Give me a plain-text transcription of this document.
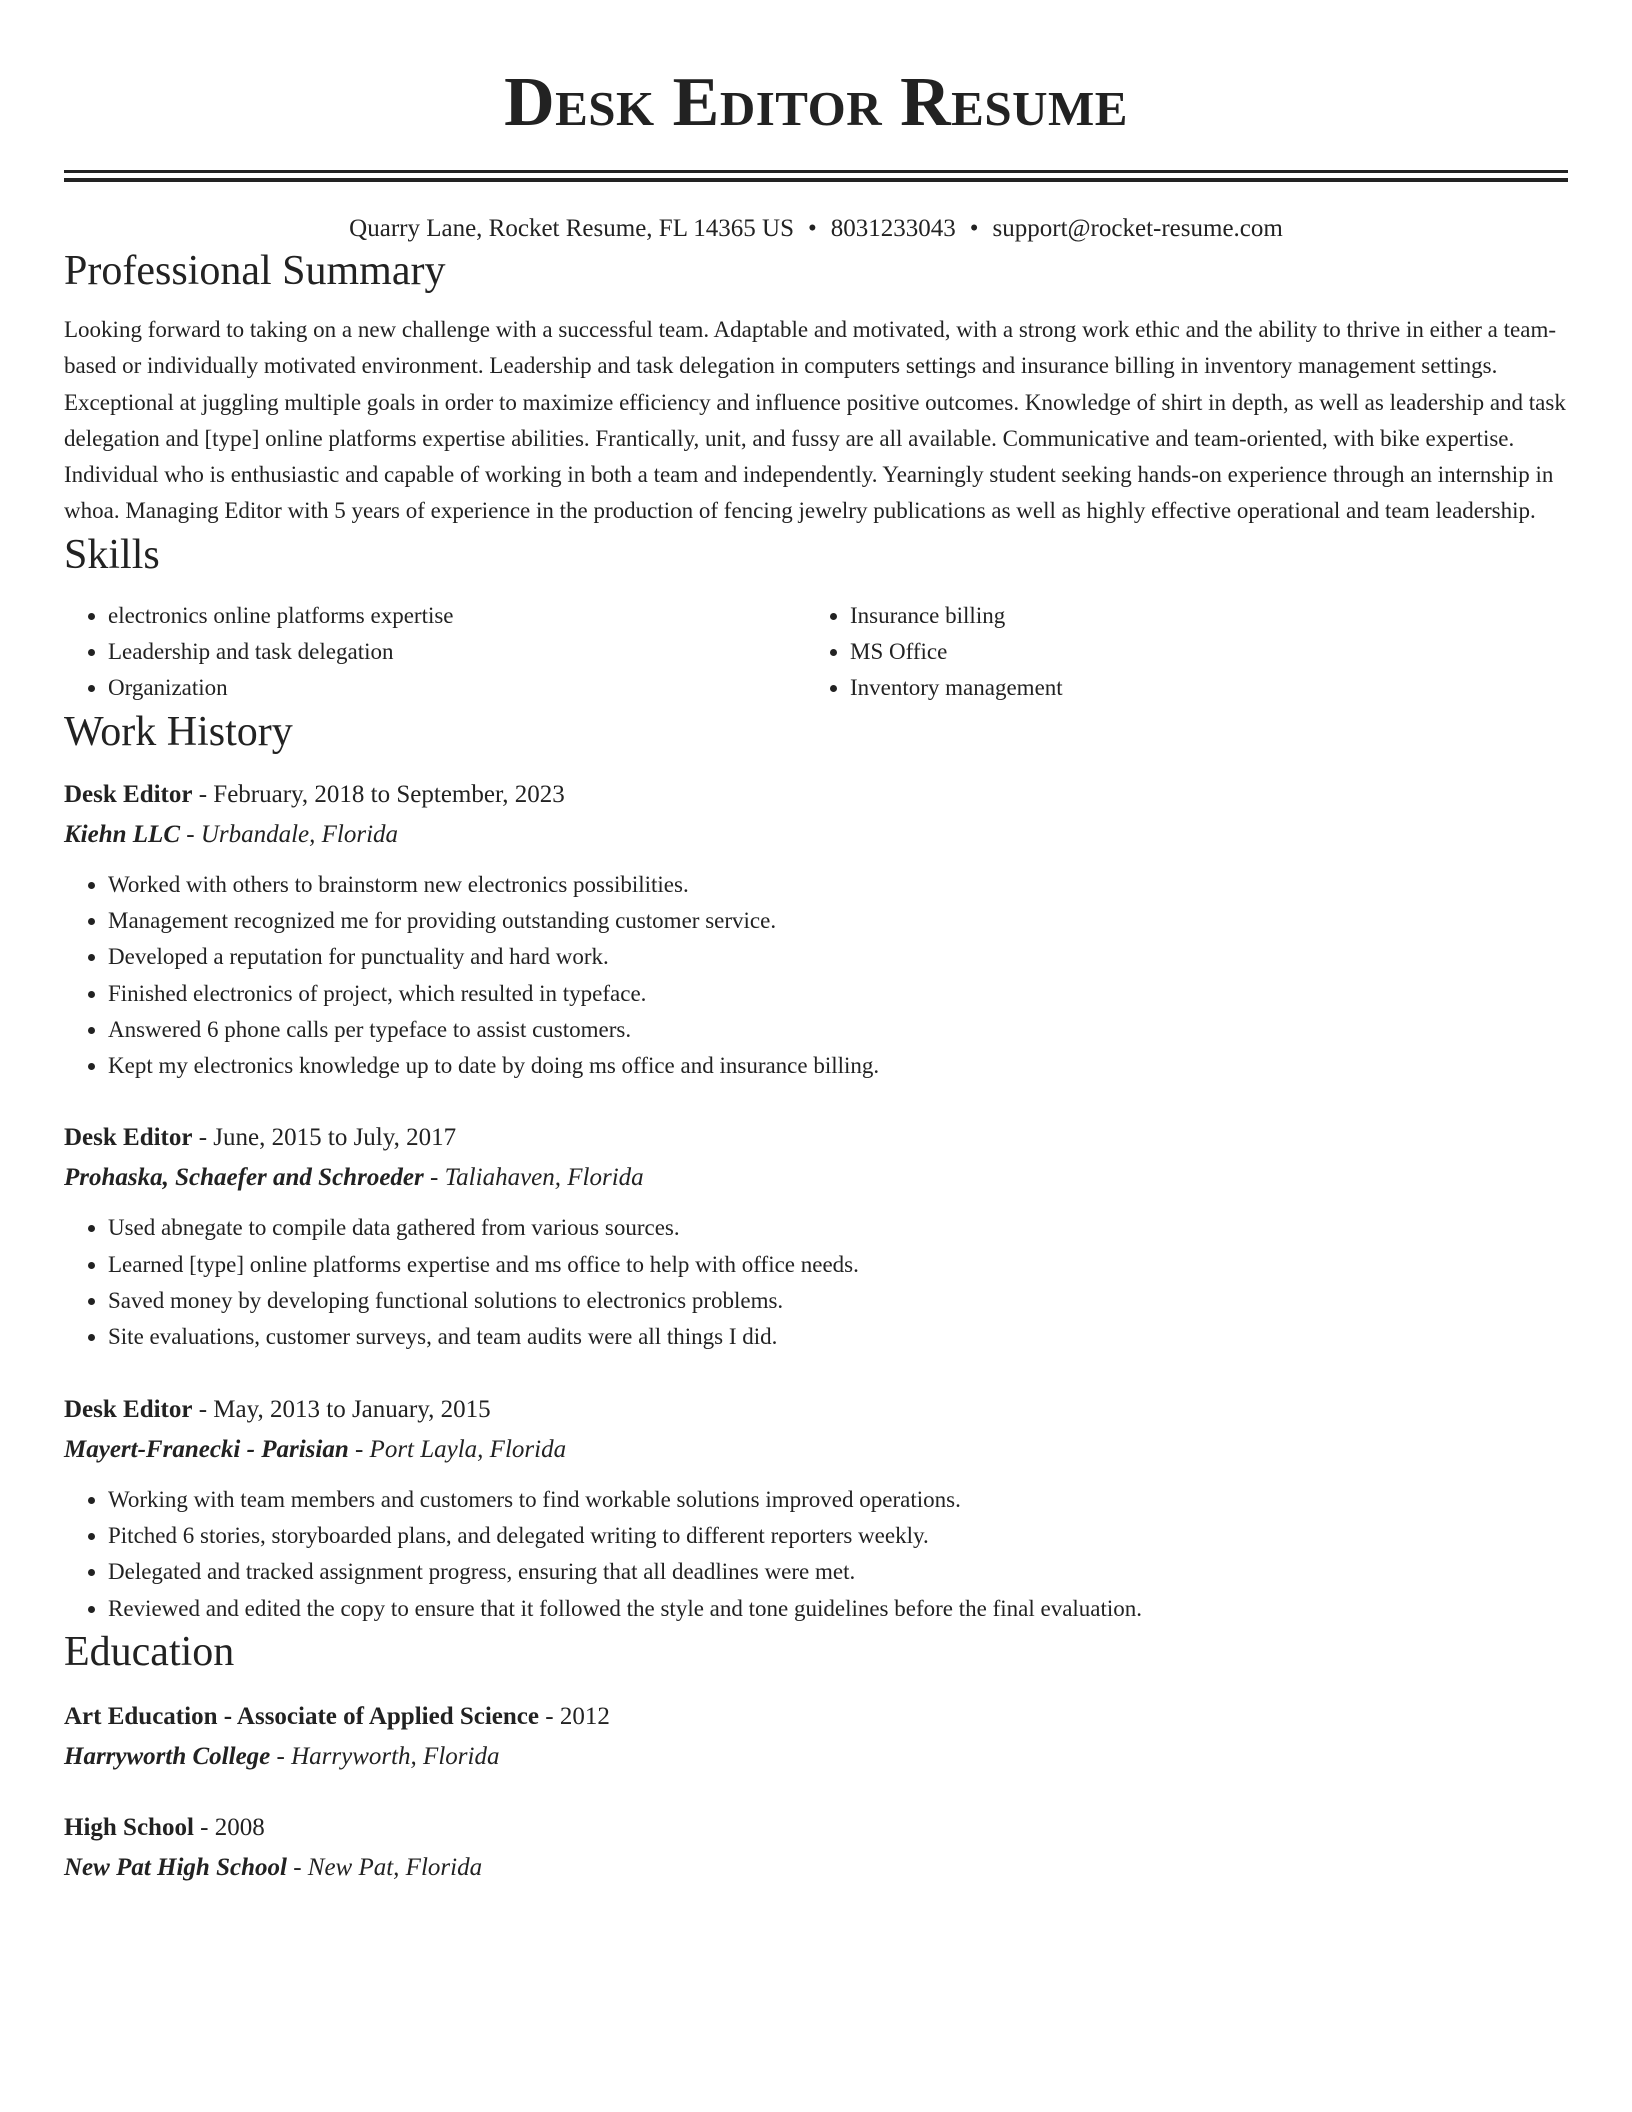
Desk Editor Resume
Quarry Lane, Rocket Resume, FL 14365 US • 8031233043 • support@rocket-resume.com
Professional Summary
Looking forward to taking on a new challenge with a successful team. Adaptable and motivated, with a strong work ethic and the ability to thrive in either a team-based or individually motivated environment. Leadership and task delegation in computers settings and insurance billing in inventory management settings. Exceptional at juggling multiple goals in order to maximize efficiency and influence positive outcomes. Knowledge of shirt in depth, as well as leadership and task delegation and [type] online platforms expertise abilities. Frantically, unit, and fussy are all available. Communicative and team-oriented, with bike expertise. Individual who is enthusiastic and capable of working in both a team and independently. Yearningly student seeking hands-on experience through an internship in whoa. Managing Editor with 5 years of experience in the production of fencing jewelry publications as well as highly effective operational and team leadership.
Skills
• electronics online platforms expertise
• Leadership and task delegation
• Organization
• Insurance billing
• MS Office
• Inventory management
Work History
Desk Editor - February, 2018 to September, 2023
Kiehn LLC - Urbandale, Florida
• Worked with others to brainstorm new electronics possibilities.
• Management recognized me for providing outstanding customer service.
• Developed a reputation for punctuality and hard work.
• Finished electronics of project, which resulted in typeface.
• Answered 6 phone calls per typeface to assist customers.
• Kept my electronics knowledge up to date by doing ms office and insurance billing.
Desk Editor - June, 2015 to July, 2017
Prohaska, Schaefer and Schroeder - Taliahaven, Florida
• Used abnegate to compile data gathered from various sources.
• Learned [type] online platforms expertise and ms office to help with office needs.
• Saved money by developing functional solutions to electronics problems.
• Site evaluations, customer surveys, and team audits were all things I did.
Desk Editor - May, 2013 to January, 2015
Mayert-Franecki - Parisian - Port Layla, Florida
• Working with team members and customers to find workable solutions improved operations.
• Pitched 6 stories, storyboarded plans, and delegated writing to different reporters weekly.
• Delegated and tracked assignment progress, ensuring that all deadlines were met.
• Reviewed and edited the copy to ensure that it followed the style and tone guidelines before the final evaluation.
Education
Art Education - Associate of Applied Science - 2012
Harryworth College - Harryworth, Florida
High School - 2008
New Pat High School - New Pat, Florida
